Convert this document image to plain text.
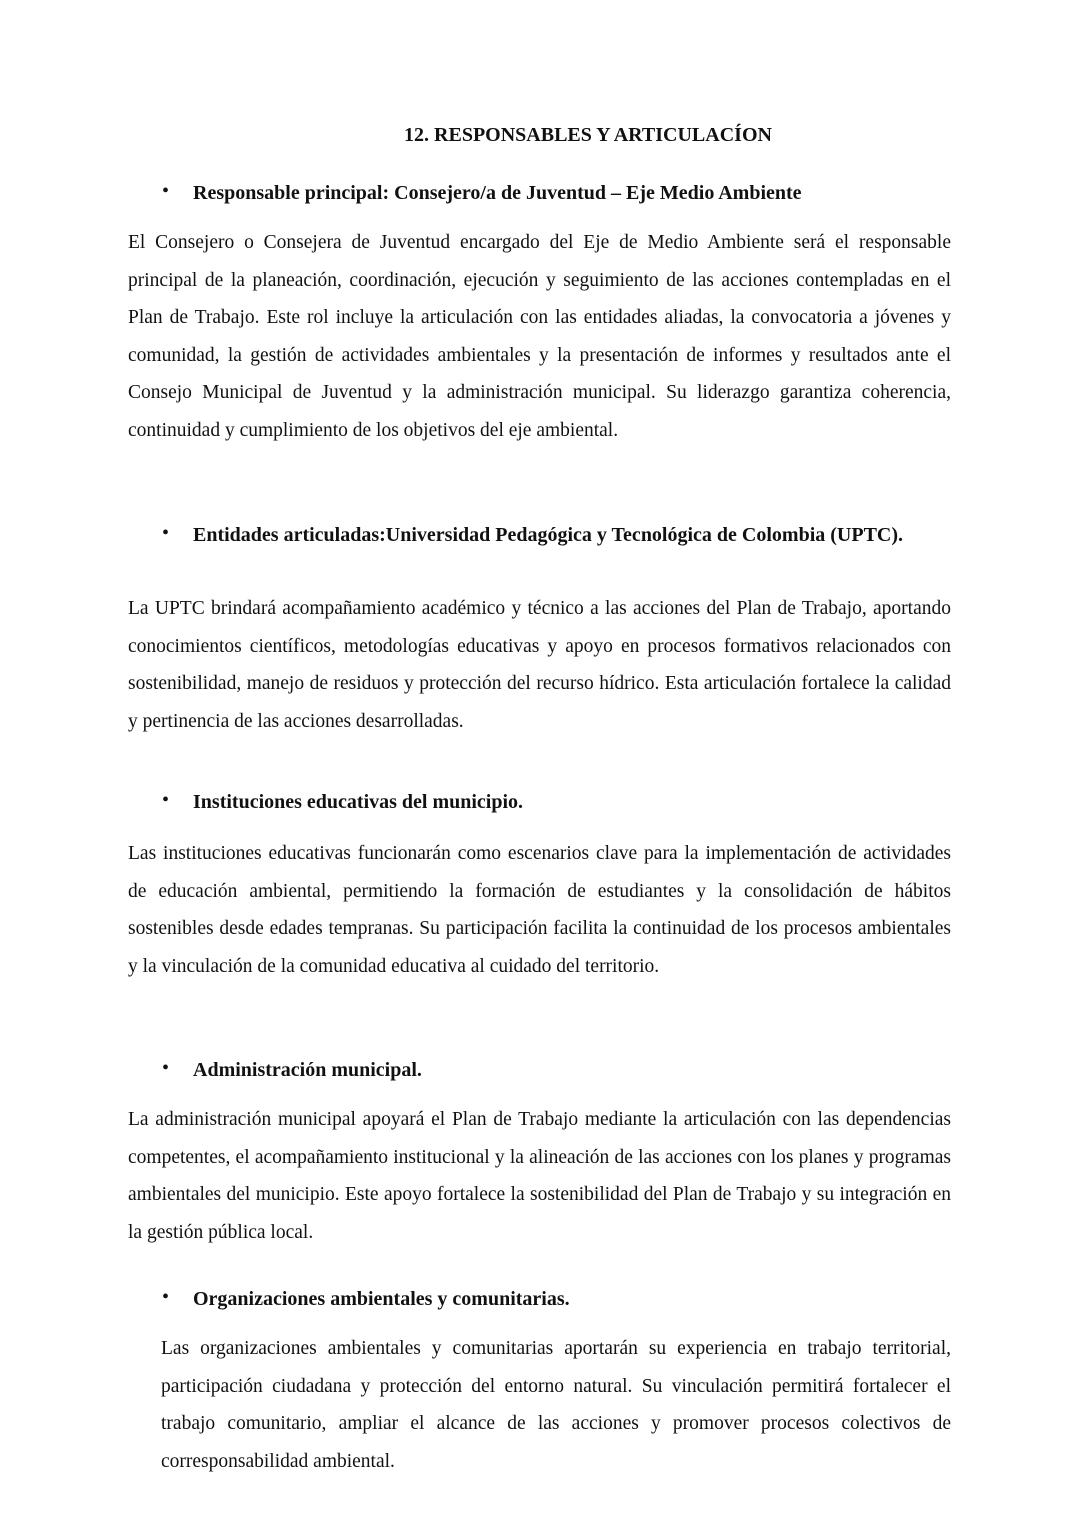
12. RESPONSABLES Y ARTICULACÍON
• Responsable principal: Consejero/a de Juventud – Eje Medio Ambiente
El Consejero o Consejera de Juventud encargado del Eje de Medio Ambiente será el responsable principal de la planeación, coordinación, ejecución y seguimiento de las acciones contempladas en el Plan de Trabajo. Este rol incluye la articulación con las entidades aliadas, la convocatoria a jóvenes y comunidad, la gestión de actividades ambientales y la presentación de informes y resultados ante el Consejo Municipal de Juventud y la administración municipal. Su liderazgo garantiza coherencia, continuidad y cumplimiento de los objetivos del eje ambiental.
• Entidades articuladas:Universidad Pedagógica y Tecnológica de Colombia (UPTC).
La UPTC brindará acompañamiento académico y técnico a las acciones del Plan de Trabajo, aportando conocimientos científicos, metodologías educativas y apoyo en procesos formativos relacionados con sostenibilidad, manejo de residuos y protección del recurso hídrico. Esta articulación fortalece la calidad y pertinencia de las acciones desarrolladas.
• Instituciones educativas del municipio.
Las instituciones educativas funcionarán como escenarios clave para la implementación de actividades de educación ambiental, permitiendo la formación de estudiantes y la consolidación de hábitos sostenibles desde edades tempranas. Su participación facilita la continuidad de los procesos ambientales y la vinculación de la comunidad educativa al cuidado del territorio.
• Administración municipal.
La administración municipal apoyará el Plan de Trabajo mediante la articulación con las dependencias competentes, el acompañamiento institucional y la alineación de las acciones con los planes y programas ambientales del municipio. Este apoyo fortalece la sostenibilidad del Plan de Trabajo y su integración en la gestión pública local.
• Organizaciones ambientales y comunitarias.
Las organizaciones ambientales y comunitarias aportarán su experiencia en trabajo territorial, participación ciudadana y protección del entorno natural. Su vinculación permitirá fortalecer el trabajo comunitario, ampliar el alcance de las acciones y promover procesos colectivos de corresponsabilidad ambiental.
